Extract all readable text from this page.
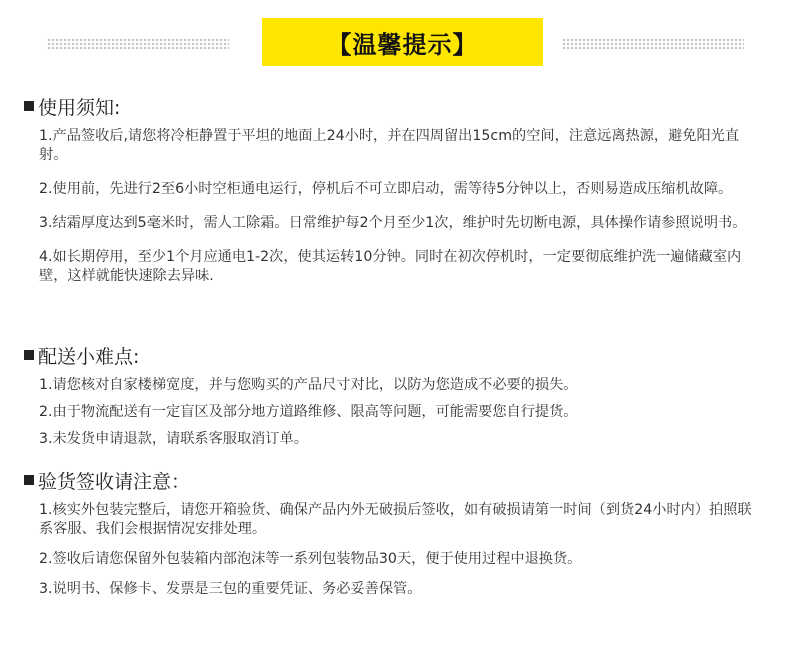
【温馨提示】
使用须知:

1.产品签收后,请您将冷柜静置于平坦的地面上24小时，并在四周留出15cm的空间，注意远离热源，避免阳光直射。

2.使用前，先进行2至6小时空柜通电运行，停机后不可立即启动，需等待5分钟以上，否则易造成压缩机故障。

3.结霜厚度达到5毫米时，需人工除霜。日常维护每2个月至少1次，维护时先切断电源，具体操作请参照说明书。

4.如长期停用，至少1个月应通电1-2次，使其运转10分钟。同时在初次停机时，一定要彻底维护洗一遍储藏室内壁，这样就能快速除去异味.

配送小难点:

1.请您核对自家楼梯宽度，并与您购买的产品尺寸对比，以防为您造成不必要的损失。

2.由于物流配送有一定盲区及部分地方道路维修、限高等问题，可能需要您自行提货。

3.未发货申请退款，请联系客服取消订单。

验货签收请注意：

1.核实外包装完整后，请您开箱验货、确保产品内外无破损后签收，如有破损请第一时间（到货24小时内）拍照联系客服、我们会根据情况安排处理。

2.签收后请您保留外包装箱内部泡沫等一系列包装物品30天，便于使用过程中退换货。

3.说明书、保修卡、发票是三包的重要凭证、务必妥善保管。
